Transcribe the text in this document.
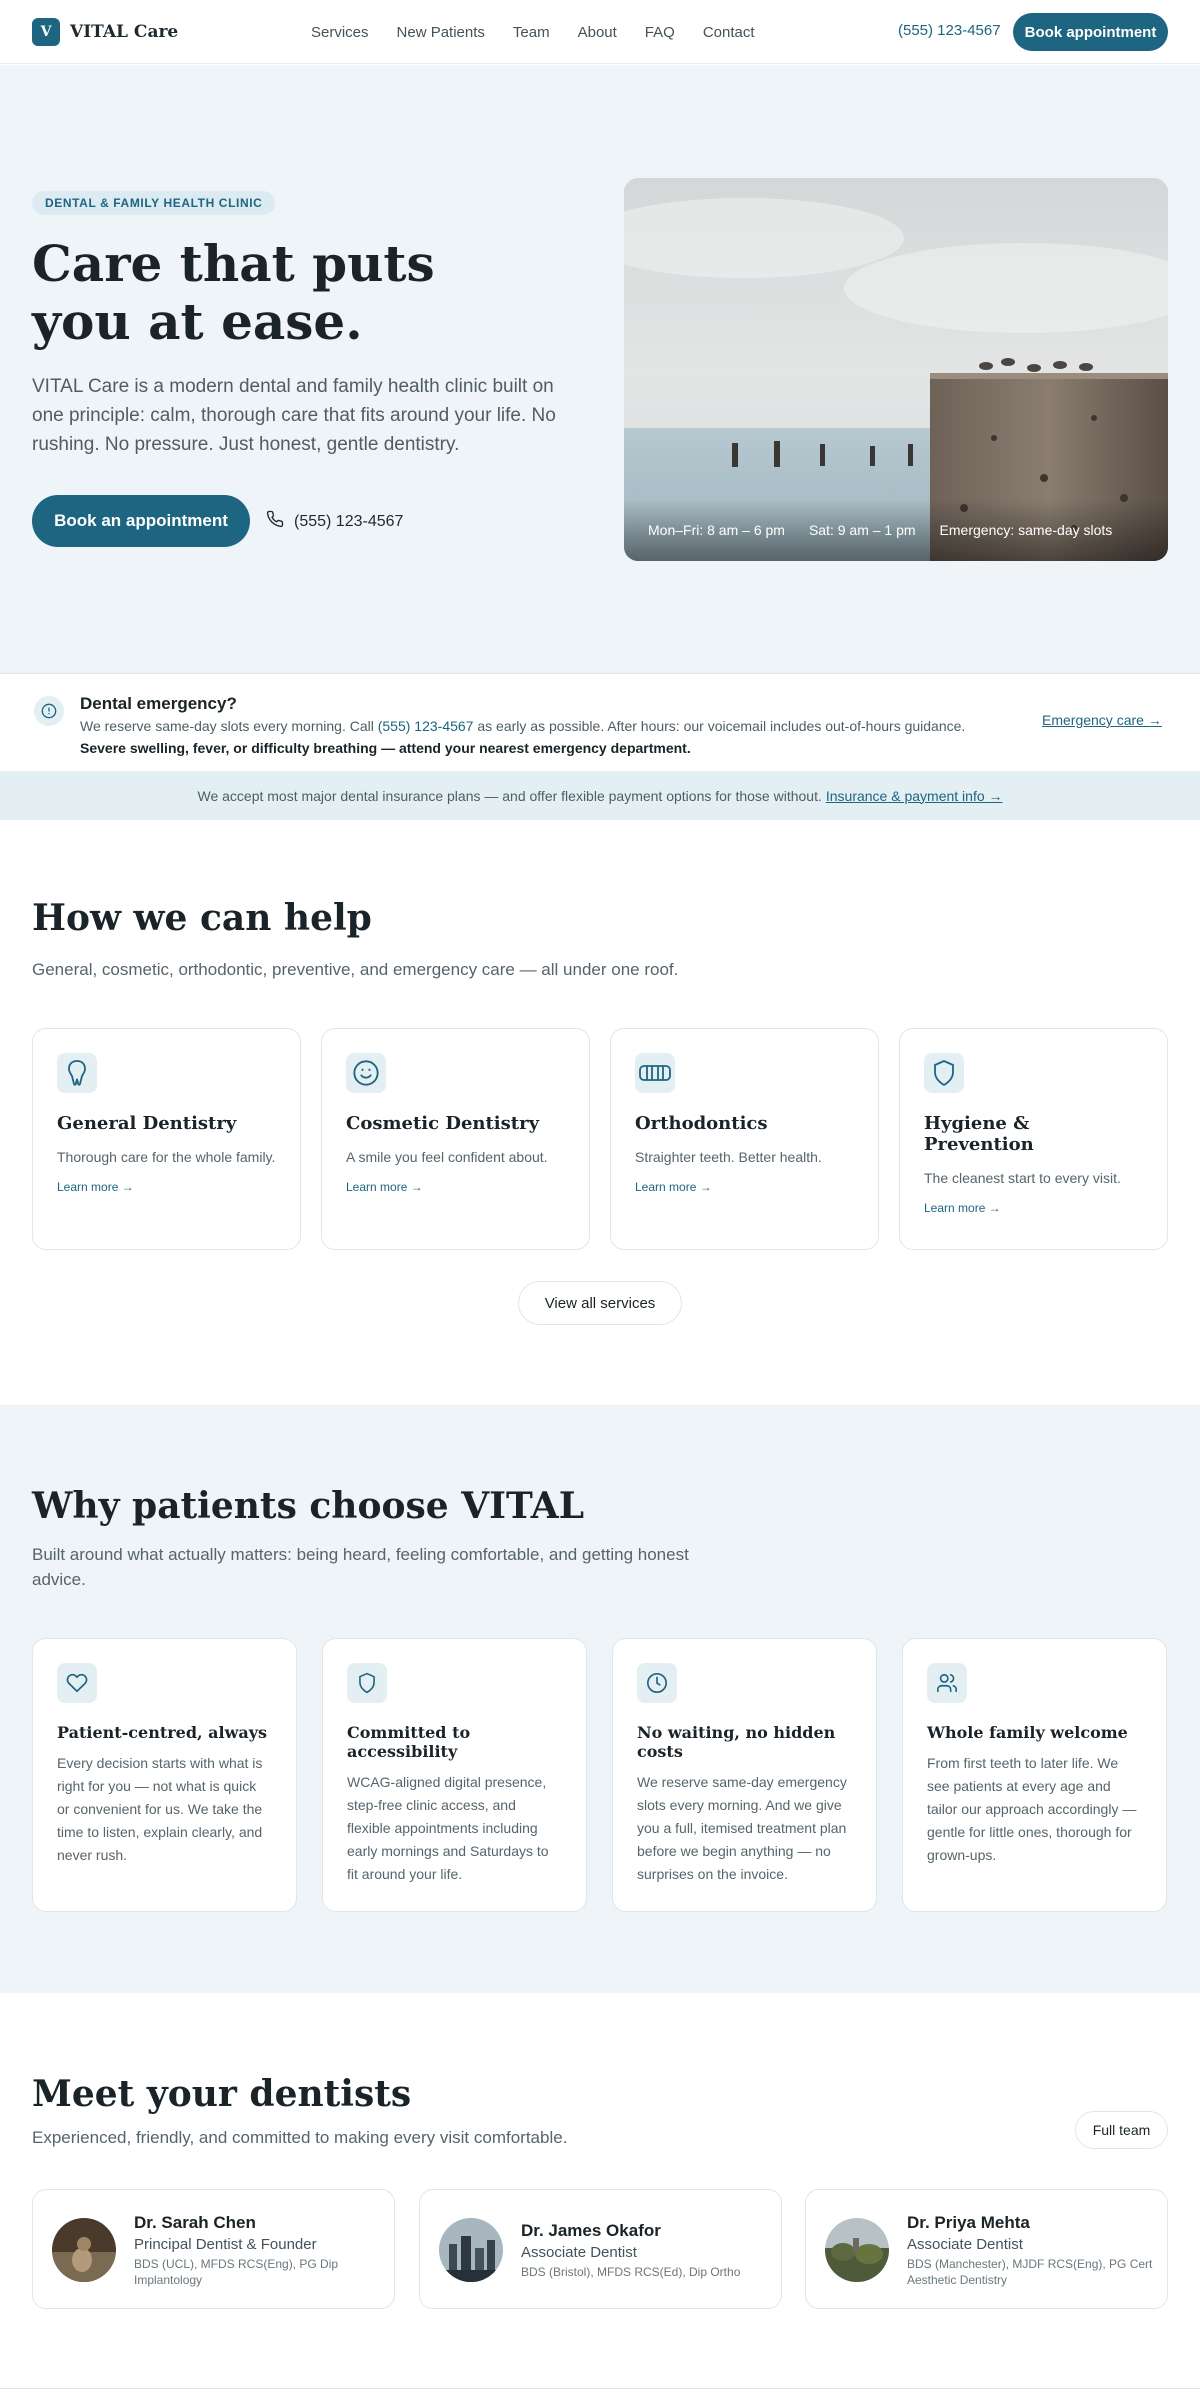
V	VITAL Care	Services New Patients Team About FAQ Contact	(555) 123-4567	Book appointment
DENTAL & FAMILY HEALTH CLINIC
Care that puts you at ease.

VITAL Care is a modern dental and family health clinic built on one principle: calm, thorough care that fits around your life. No rushing. No pressure. Just honest, gentle dentistry.

Book an appointment	(555) 123-4567
Mon–Fri: 8 am – 6 pm Sat: 9 am – 1 pm Emergency: same-day slots
Dental emergency?

We reserve same-day slots every morning. Call (555) 123-4567 as early as possible. After hours: our voicemail includes out-of-hours guidance. Severe swelling, fever, or difficulty breathing — attend your nearest emergency department.

Emergency care →
We accept most major dental insurance plans — and offer flexible payment options for those without. Insurance & payment info →
How we can help

General, cosmetic, orthodontic, preventive, and emergency care — all under one roof.

General Dentistry
Thorough care for the whole family.
Learn more →
Cosmetic Dentistry
A smile you feel confident about.
Learn more →
Orthodontics
Straighter teeth. Better health.
Learn more →
Hygiene & Prevention
The cleanest start to every visit.
Learn more →
View all services
Why patients choose VITAL

Built around what actually matters: being heard, feeling comfortable, and getting honest advice.

Patient-centred, always
Every decision starts with what is right for you — not what is quick or convenient for us. We take the time to listen, explain clearly, and never rush.
Committed to accessibility
WCAG-aligned digital presence, step-free clinic access, and flexible appointments including early mornings and Saturdays to fit around your life.
No waiting, no hidden costs
We reserve same-day emergency slots every morning. And we give you a full, itemised treatment plan before we begin anything — no surprises on the invoice.
Whole family welcome
From first teeth to later life. We see patients at every age and tailor our approach accordingly — gentle for little ones, thorough for grown-ups.
Meet your dentists

Experienced, friendly, and committed to making every visit comfortable.	Full team
Dr. Sarah Chen
Principal Dentist & Founder
BDS (UCL), MFDS RCS(Eng), PG Dip Implantology
Dr. James Okafor
Associate Dentist
BDS (Bristol), MFDS RCS(Ed), Dip Ortho
Dr. Priya Mehta
Associate Dentist
BDS (Manchester), MJDF RCS(Eng), PG Cert Aesthetic Dentistry
